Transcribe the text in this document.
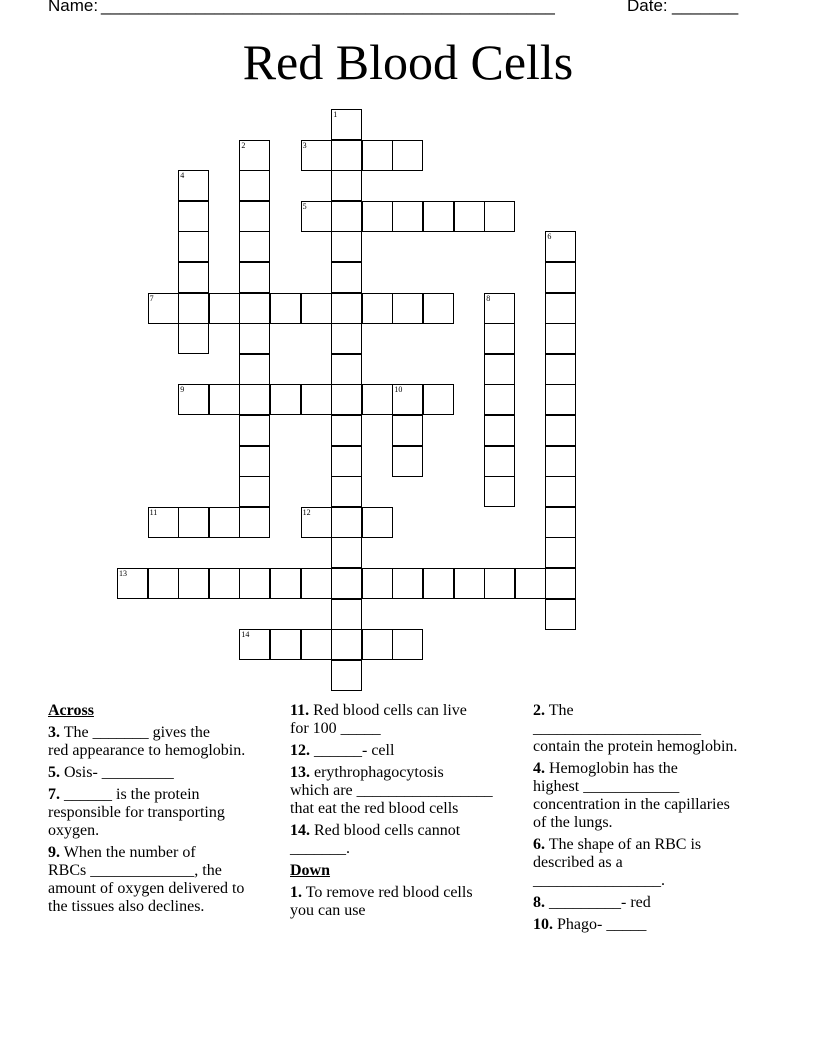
Name: ________________________________________________	Date: _______
Red Blood Cells
1
2	3
4
5
6
7	8
9	10
11	12
13
14
Across
3. The _______ gives the
red appearance to hemoglobin.
5. Osis- _________
7. ______ is the protein
responsible for transporting
oxygen.
9. When the number of
RBCs _____________, the
amount of oxygen delivered to
the tissues also declines.
11. Red blood cells can live
for 100 _____
12. ______- cell
13. erythrophagocytosis
which are _________________
that eat the red blood cells
14. Red blood cells cannot
_______.
Down
1. To remove red blood cells
you can use
2. The
_____________________
contain the protein hemoglobin.
4. Hemoglobin has the
highest ____________
concentration in the capillaries
of the lungs.
6. The shape of an RBC is
described as a
________________.
8. _________- red
10. Phago- _____
